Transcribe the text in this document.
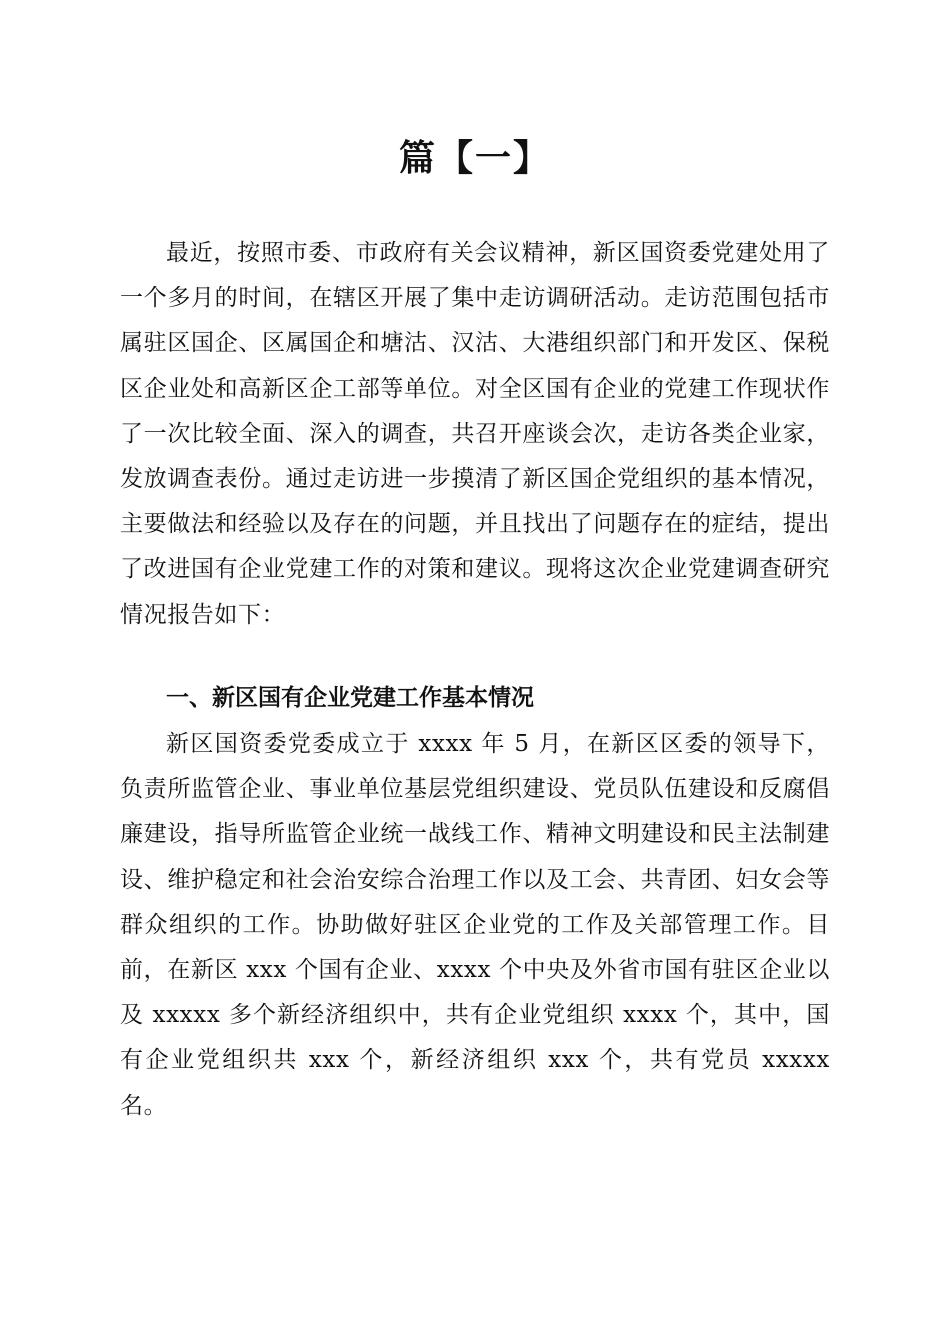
篇【一】

最近，按照市委、市政府有关会议精神，新区国资委党建处用了一个多月的时间，在辖区开展了集中走访调研活动。走访范围包括市属驻区国企、区属国企和塘沽、汉沽、大港组织部门和开发区、保税区企业处和高新区企工部等单位。对全区国有企业的党建工作现状作了一次比较全面、深入的调查，共召开座谈会次，走访各类企业家，发放调查表份。通过走访进一步摸清了新区国企党组织的基本情况，主要做法和经验以及存在的问题，并且找出了问题存在的症结，提出了改进国有企业党建工作的对策和建议。现将这次企业党建调查研究情况报告如下：

一、新区国有企业党建工作基本情况

新区国资委党委成立于 xxxx 年 5 月，在新区区委的领导下，负责所监管企业、事业单位基层党组织建设、党员队伍建设和反腐倡廉建设，指导所监管企业统一战线工作、精神文明建设和民主法制建设、维护稳定和社会治安综合治理工作以及工会、共青团、妇女会等群众组织的工作。协助做好驻区企业党的工作及关部管理工作。目前，在新区 xxx 个国有企业、xxxx 个中央及外省市国有驻区企业以及 xxxxx 多个新经济组织中，共有企业党组织 xxxx 个，其中，国有企业党组织共 xxx 个，新经济组织 xxx 个，共有党员 xxxxx 名。
